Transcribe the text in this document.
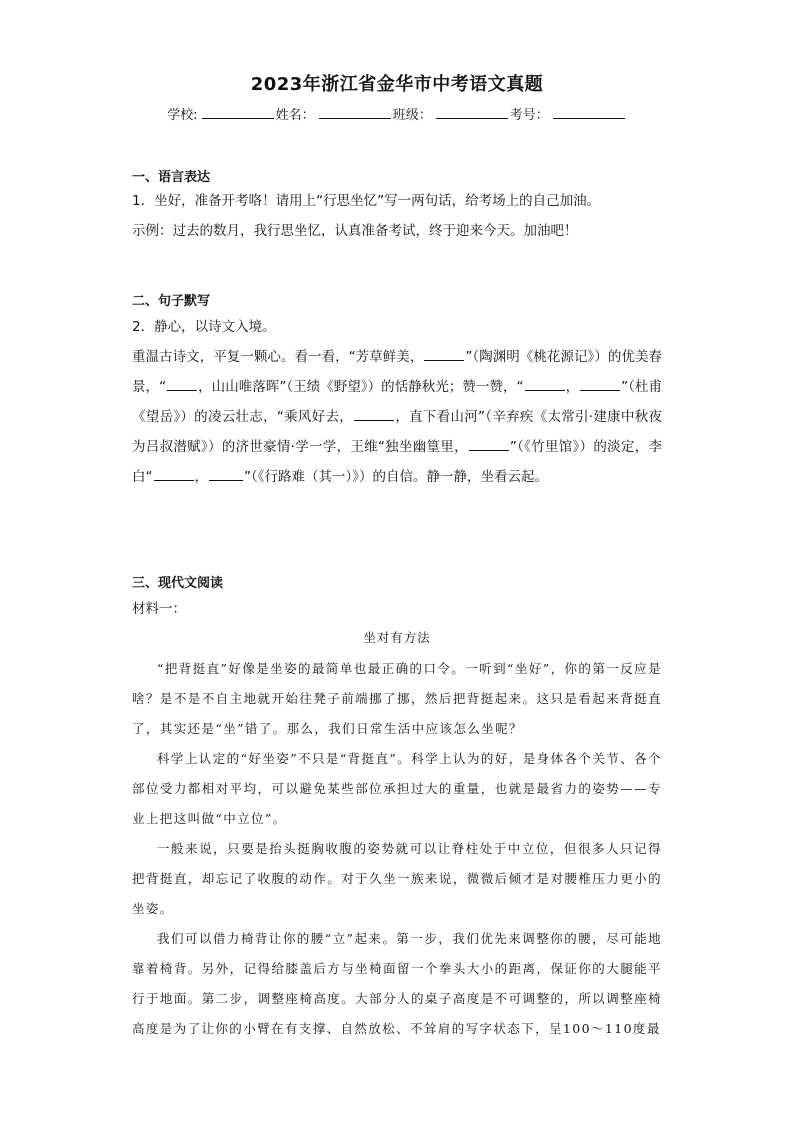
2023年浙江省金华市中考语文真题
学校:	姓名：	班级：	考号：
一、语言表达
1．坐好，准备开考咯！请用上“行思坐忆”写一两句话，给考场上的自己加油。
示例：过去的数月，我行思坐忆，认真准备考试，终于迎来今天。加油吧！
二、句子默写
2．静心，以诗文入境。
重温古诗文，平复一颗心。看一看，“芳草鲜美，	”（陶渊明《桃花源记》）的优美春景，“ ，山山唯落晖”（王绩《野望》）的恬静秋光；赞一赞，“	，	”（杜甫《望岳》）的凌云壮志，“乘风好去，	，直下看山河”（辛弃疾《太常引·建康中秋夜为吕叔潜赋》）的济世豪情·学一学，王维“独坐幽篁里，	”（《竹里馆》）的淡定，李白“	，	”（《行路难（其一）》）的自信。静一静，坐看云起。
三、现代文阅读
材料一：
坐对有方法

“把背挺直”好像是坐姿的最简单也最正确的口令。一听到“坐好”，你的第一反应是啥？是不是不自主地就开始往凳子前端挪了挪，然后把背挺起来。这只是看起来背挺直了，其实还是“坐”错了。那么，我们日常生活中应该怎么坐呢？

科学上认定的“好坐姿”不只是“背挺直”。科学上认为的好，是身体各个关节、各个部位受力都相对平均，可以避免某些部位承担过大的重量，也就是最省力的姿势——专业上把这叫做“中立位”。

一般来说，只要是抬头挺胸收腹的姿势就可以让脊柱处于中立位，但很多人只记得把背挺直，却忘记了收腹的动作。对于久坐一族来说，微微后倾才是对腰椎压力更小的坐姿。

我们可以借力椅背让你的腰“立”起来。第一步，我们优先来调整你的腰，尽可能地靠着椅背。另外，记得给膝盖后方与坐椅面留一个拳头大小的距离，保证你的大腿能平行于地面。第二步，调整座椅高度。大部分人的桌子高度是不可调整的，所以调整座椅高度是为了让你的小臂在有支撑、自然放松、不耸肩的写字状态下，呈100～110度最
